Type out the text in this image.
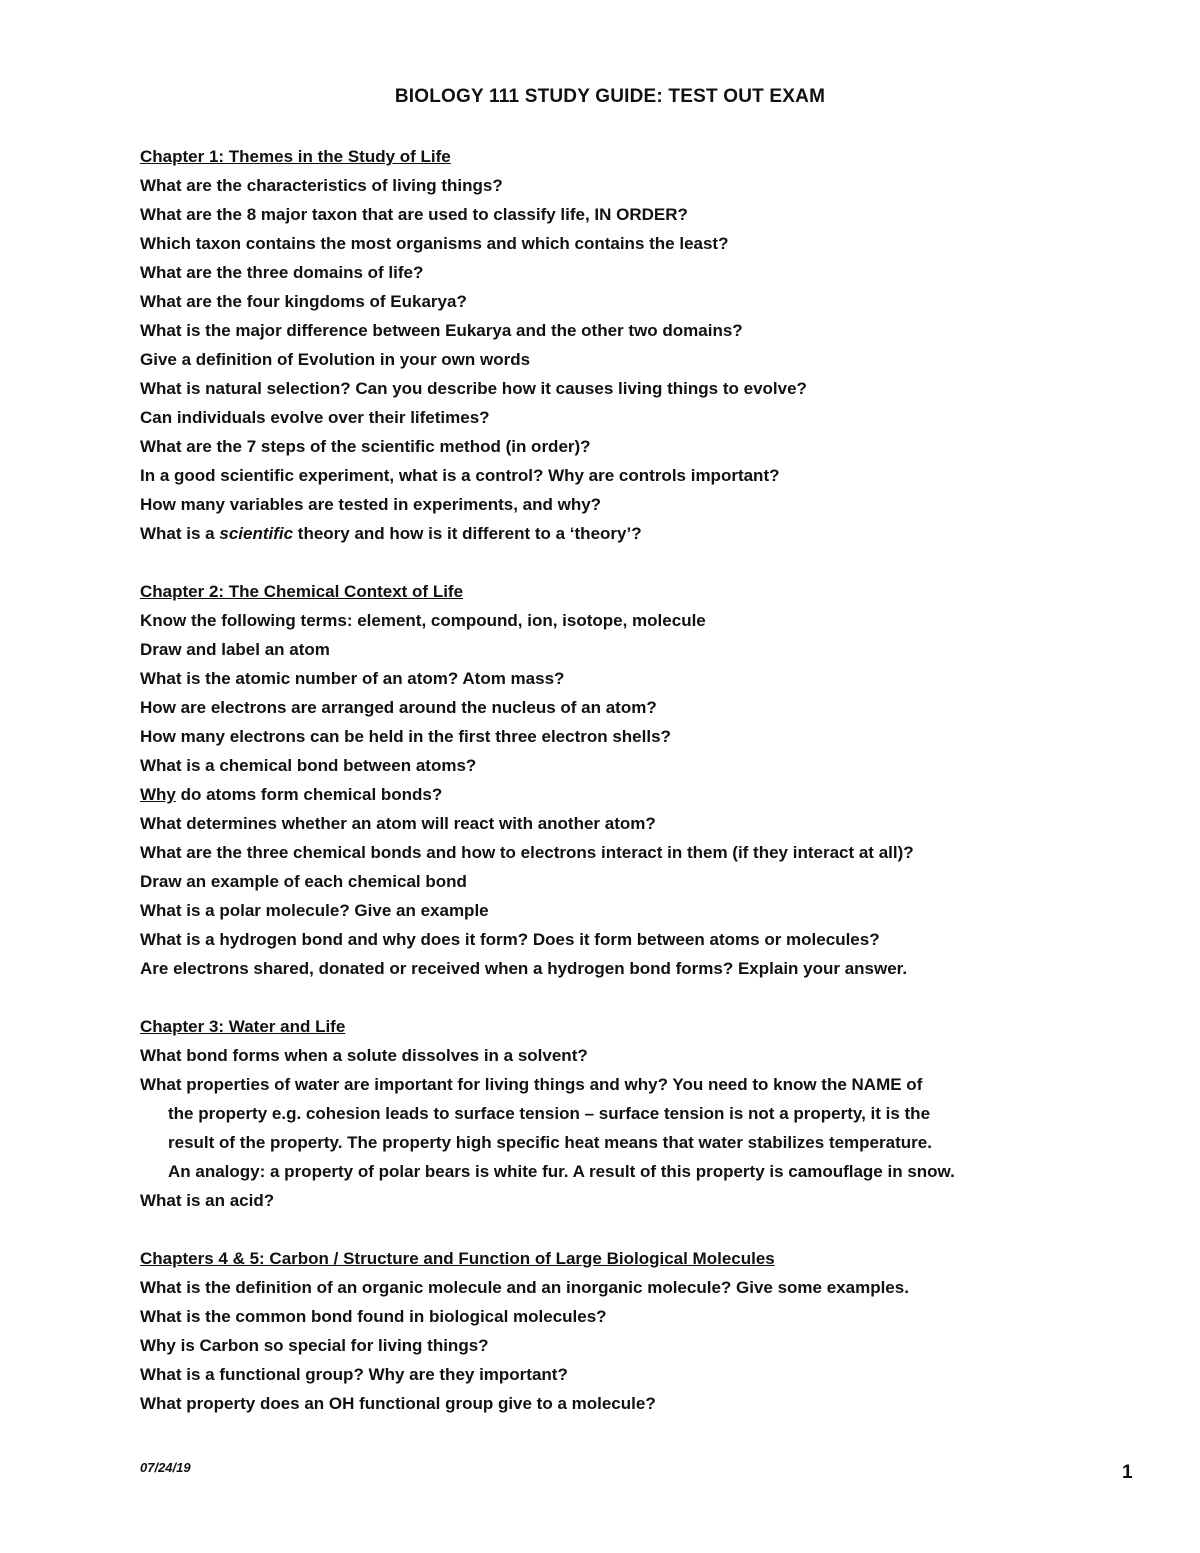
BIOLOGY 111 STUDY GUIDE: TEST OUT EXAM
Chapter 1: Themes in the Study of Life
What are the characteristics of living things?
What are the 8 major taxon that are used to classify life, IN ORDER?
Which taxon contains the most organisms and which contains the least?
What are the three domains of life?
What are the four kingdoms of Eukarya?
What is the major difference between Eukarya and the other two domains?
Give a definition of Evolution in your own words
What is natural selection? Can you describe how it causes living things to evolve?
Can individuals evolve over their lifetimes?
What are the 7 steps of the scientific method (in order)?
In a good scientific experiment, what is a control? Why are controls important?
How many variables are tested in experiments, and why?
What is a scientific theory and how is it different to a ‘theory’?
Chapter 2: The Chemical Context of Life
Know the following terms: element, compound, ion, isotope, molecule
Draw and label an atom
What is the atomic number of an atom? Atom mass?
How are electrons are arranged around the nucleus of an atom?
How many electrons can be held in the first three electron shells?
What is a chemical bond between atoms?
Why do atoms form chemical bonds?
What determines whether an atom will react with another atom?
What are the three chemical bonds and how to electrons interact in them (if they interact at all)?
Draw an example of each chemical bond
What is a polar molecule? Give an example
What is a hydrogen bond and why does it form? Does it form between atoms or molecules?
Are electrons shared, donated or received when a hydrogen bond forms? Explain your answer.
Chapter 3: Water and Life
What bond forms when a solute dissolves in a solvent?
What properties of water are important for living things and why? You need to know the NAME of
the property e.g. cohesion leads to surface tension – surface tension is not a property, it is the
result of the property. The property high specific heat means that water stabilizes temperature.
An analogy: a property of polar bears is white fur. A result of this property is camouflage in snow.
What is an acid?
Chapters 4 & 5: Carbon / Structure and Function of Large Biological Molecules
What is the definition of an organic molecule and an inorganic molecule? Give some examples.
What is the common bond found in biological molecules?
Why is Carbon so special for living things?
What is a functional group? Why are they important?
What property does an OH functional group give to a molecule?
07/24/19	1
